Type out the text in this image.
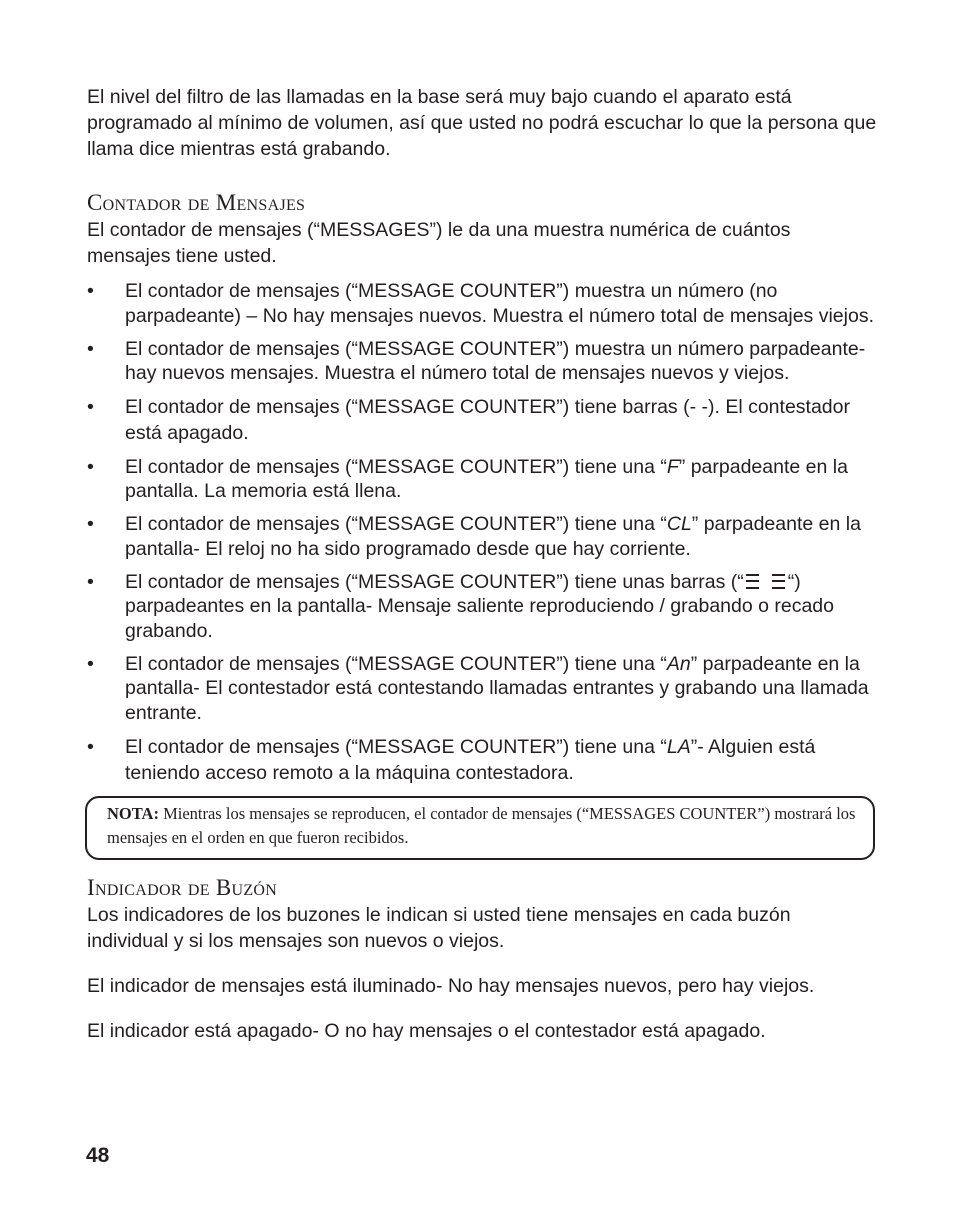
El nivel del filtro de las llamadas en la base será muy bajo cuando el aparato está programado al mínimo de volumen, así que usted no podrá escuchar lo que la persona que llama dice mientras está grabando.

Contador de Mensajes

El contador de mensajes (“MESSAGES”) le da una muestra numérica de cuántos mensajes tiene usted.

• El contador de mensajes (“MESSAGE COUNTER”) muestra un número (no parpadeante) – No hay mensajes nuevos. Muestra el número total de mensajes viejos.
• El contador de mensajes (“MESSAGE COUNTER”) muestra un número parpadeante- hay nuevos mensajes. Muestra el número total de mensajes nuevos y viejos.
• El contador de mensajes (“MESSAGE COUNTER”) tiene barras (- -). El contestador está apagado.
• El contador de mensajes (“MESSAGE COUNTER”) tiene una “F” parpadeante en la pantalla. La memoria está llena.
• El contador de mensajes (“MESSAGE COUNTER”) tiene una “CL” parpadeante en la pantalla- El reloj no ha sido programado desde que hay corriente.
• El contador de mensajes (“MESSAGE COUNTER”) tiene unas barras (“ “) parpadeantes en la pantalla- Mensaje saliente reproduciendo / grabando o recado grabando.
• El contador de mensajes (“MESSAGE COUNTER”) tiene una “An” parpadeante en la pantalla- El contestador está contestando llamadas entrantes y grabando una llamada entrante.
• El contador de mensajes (“MESSAGE COUNTER”) tiene una “LA”- Alguien está teniendo acceso remoto a la máquina contestadora.
NOTA: Mientras los mensajes se reproducen, el contador de mensajes (“MESSAGES COUNTER”) mostrará los mensajes en el orden en que fueron recibidos.
Indicador de Buzón

Los indicadores de los buzones le indican si usted tiene mensajes en cada buzón individual y si los mensajes son nuevos o viejos.

El indicador de mensajes está iluminado- No hay mensajes nuevos, pero hay viejos.

El indicador está apagado- O no hay mensajes o el contestador está apagado.

48
